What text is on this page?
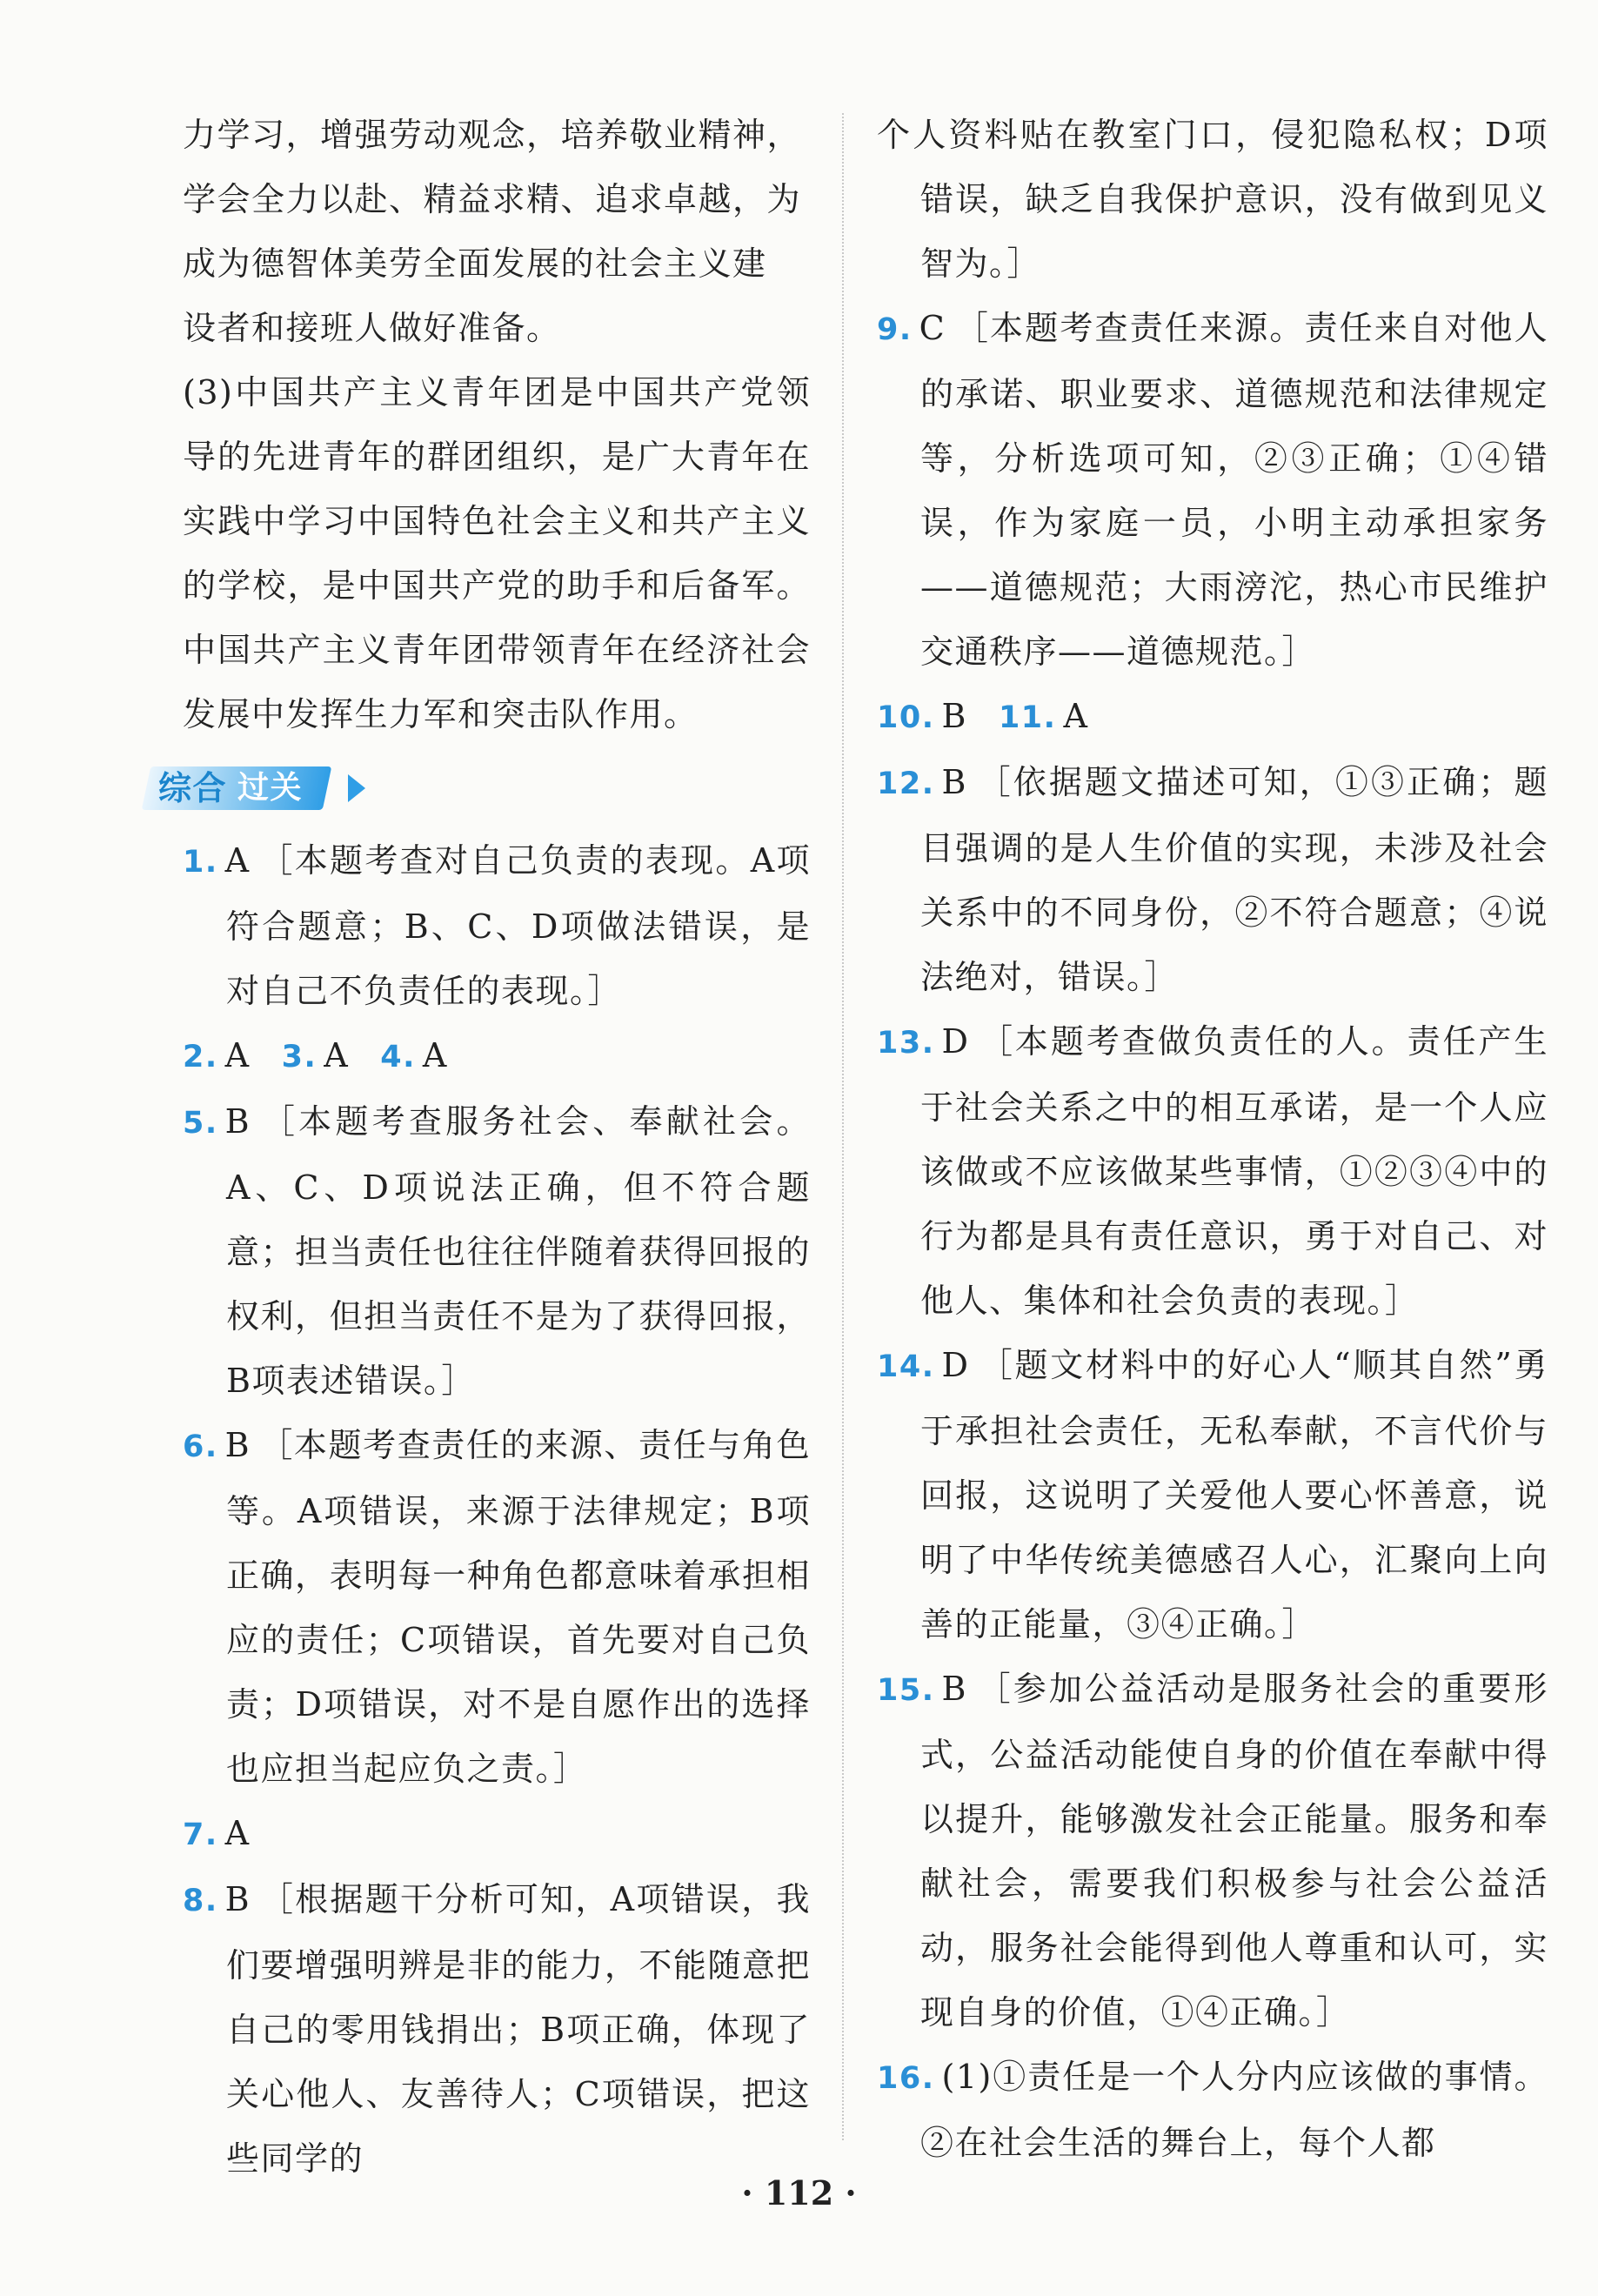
力学习，增强劳动观念，培养敬业精神，

学会全力以赴、精益求精、追求卓越，为

成为德智体美劳全面发展的社会主义建

设者和接班人做好准备。

(3)中国共产主义青年团是中国共产党领导的先进青年的群团组织，是广大青年在实践中学习中国特色社会主义和共产主义的学校，是中国共产党的助手和后备军。中国共产主义青年团带领青年在经济社会发展中发挥生力军和突击队作用。

综合 过关

1. A ［本题考查对自己负责的表现。A项符合题意；B、C、D项做法错误，是对自己不负责任的表现。］

2. A 3. A 4. A

5. B ［本题考查服务社会、奉献社会。A、C、D项说法正确，但不符合题意；担当责任也往往伴随着获得回报的权利，但担当责任不是为了获得回报，B项表述错误。］

6. B ［本题考查责任的来源、责任与角色等。A项错误，来源于法律规定；B项正确，表明每一种角色都意味着承担相应的责任；C项错误，首先要对自己负责；D项错误，对不是自愿作出的选择也应担当起应负之责。］

7. A

8. B ［根据题干分析可知，A项错误，我们要增强明辨是非的能力，不能随意把自己的零用钱捐出；B项正确，体现了关心他人、友善待人；C项错误，把这些同学的

个人资料贴在教室门口，侵犯隐私权；D项错误，缺乏自我保护意识，没有做到见义智为。］

9. C ［本题考查责任来源。责任来自对他人的承诺、职业要求、道德规范和法律规定等，分析选项可知，②③正确；①④错误，作为家庭一员，小明主动承担家务——道德规范；大雨滂沱，热心市民维护交通秩序——道德规范。］

10. B 11. A

12. B ［依据题文描述可知，①③正确；题目强调的是人生价值的实现，未涉及社会关系中的不同身份，②不符合题意；④说法绝对，错误。］

13. D ［本题考查做负责任的人。责任产生于社会关系之中的相互承诺，是一个人应该做或不应该做某些事情，①②③④中的行为都是具有责任意识，勇于对自己、对他人、集体和社会负责的表现。］

14. D ［题文材料中的好心人“顺其自然”勇于承担社会责任，无私奉献，不言代价与回报，这说明了关爱他人要心怀善意，说明了中华传统美德感召人心，汇聚向上向善的正能量，③④正确。］

15. B ［参加公益活动是服务社会的重要形式，公益活动能使自身的价值在奉献中得以提升，能够激发社会正能量。服务和奉献社会，需要我们积极参与社会公益活动，服务社会能得到他人尊重和认可，实现自身的价值，①④正确。］

16. (1)①责任是一个人分内应该做的事情。②在社会生活的舞台上，每个人都

· 112 ·
